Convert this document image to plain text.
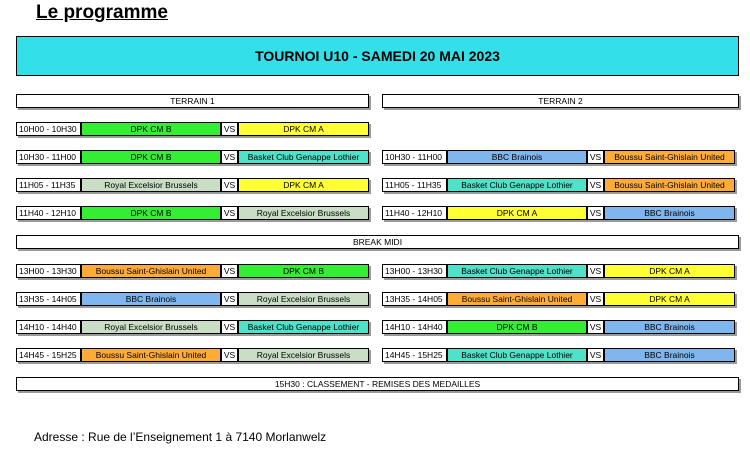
Le programme
TOURNOI U10 - SAMEDI 20 MAI 2023
TERRAIN 1	TERRAIN 2
10H00 - 10H30	DPK CM B	VS	DPK CM A
10H30 - 11H00	DPK CM B	VS	Basket Club Genappe Lothier
11H05 - 11H35	Royal Excelsior Brussels	VS	DPK CM A
11H40 - 12H10	DPK CM B	VS	Royal Excelsior Brussels
13H00 - 13H30	Boussu Saint-Ghislain United	VS	DPK CM B
13H35 - 14H05	BBC Brainois	VS	Royal Excelsior Brussels
14H10 - 14H40	Royal Excelsior Brussels	VS	Basket Club Genappe Lothier
14H45 - 15H25	Boussu Saint-Ghislain United	VS	Royal Excelsior Brussels
10H30 - 11H00	BBC Brainois	VS	Boussu Saint-Ghislain United
11H05 - 11H35	Basket Club Genappe Lothier	VS	Boussu Saint-Ghislain United
11H40 - 12H10	DPK CM A	VS	BBC Brainois
13H00 - 13H30	Basket Club Genappe Lothier	VS	DPK CM A
13H35 - 14H05	Boussu Saint-Ghislain United	VS	DPK CM A
14H10 - 14H40	DPK CM B	VS	BBC Brainois
14H45 - 15H25	Basket Club Genappe Lothier	VS	BBC Brainois
BREAK MIDI
15H30 : CLASSEMENT - REMISES DES MEDAILLES
Adresse : Rue de l’Enseignement 1 à 7140 Morlanwelz
